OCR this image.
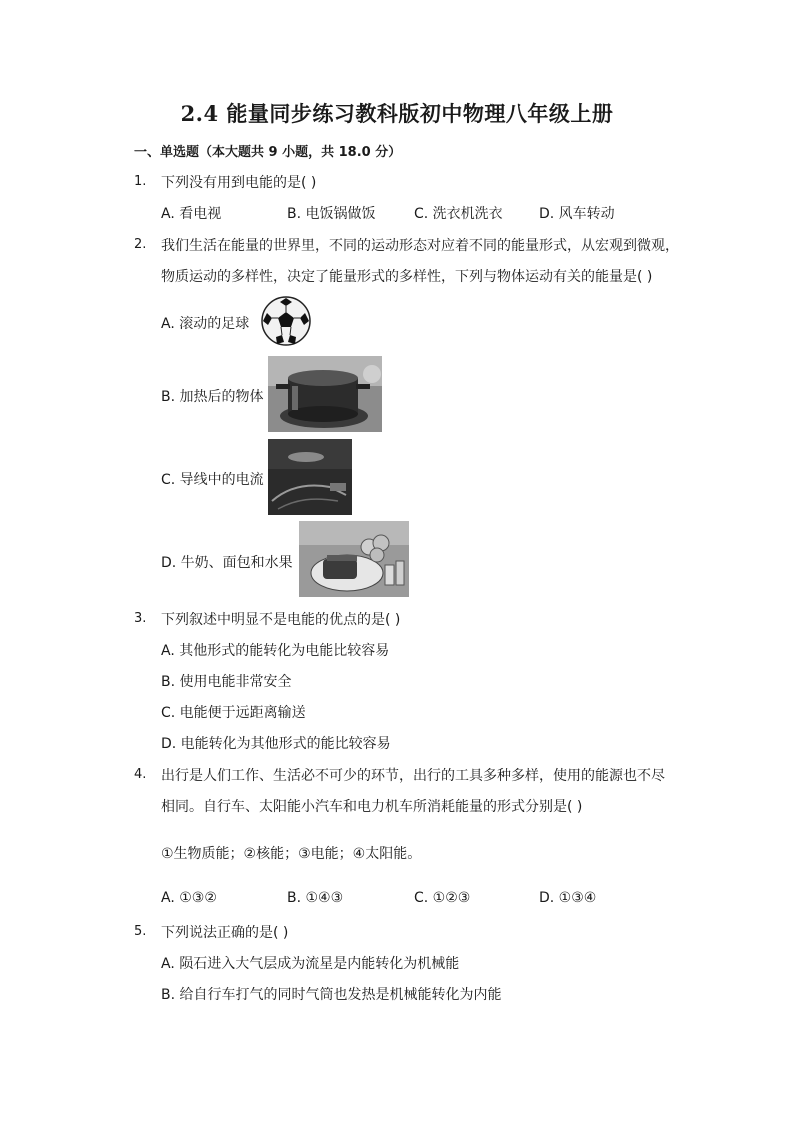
2.4 能量同步练习教科版初中物理八年级上册
一、单选题（本大题共 9 小题，共 18.0 分）
1. 下列没有用到电能的是( )
A. 看电视	B. 电饭锅做饭	C. 洗衣机洗衣	D. 风车转动
2. 我们生活在能量的世界里，不同的运动形态对应着不同的能量形式，从宏观到微观，
物质运动的多样性，决定了能量形式的多样性，下列与物体运动有关的能量是( )
A. 滚动的足球
B. 加热后的物体
C. 导线中的电流
D. 牛奶、面包和水果
3. 下列叙述中明显不是电能的优点的是( )
A. 其他形式的能转化为电能比较容易
B. 使用电能非常安全
C. 电能便于远距离输送
D. 电能转化为其他形式的能比较容易
4. 出行是人们工作、生活必不可少的环节，出行的工具多种多样，使用的能源也不尽
相同。自行车、太阳能小汽车和电力机车所消耗能量的形式分别是( )
①生物质能；②核能；③电能；④太阳能。
A. ①③②	B. ①④③	C. ①②③	D. ①③④
5. 下列说法正确的是( )
A. 陨石进入大气层成为流星是内能转化为机械能
B. 给自行车打气的同时气筒也发热是机械能转化为内能
